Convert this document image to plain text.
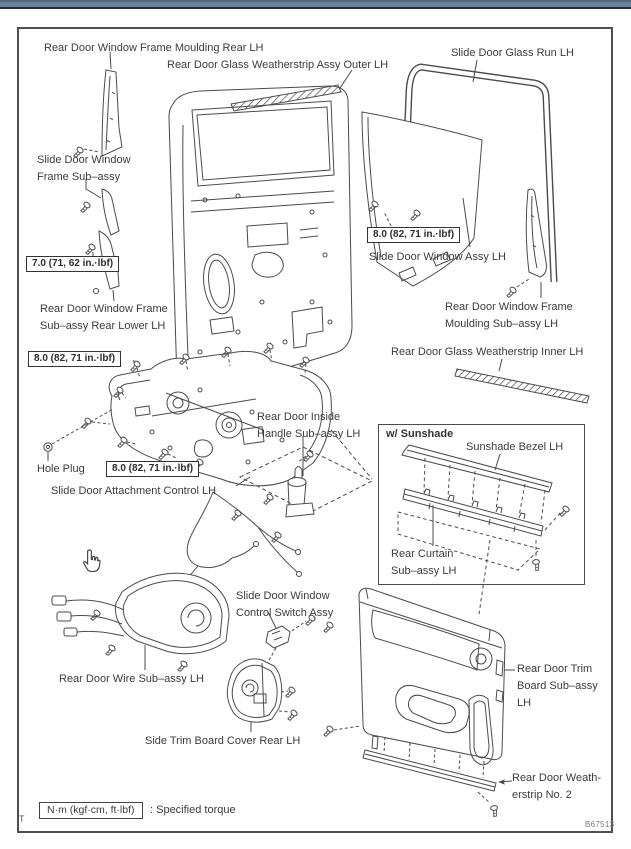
w/ Sunshade
Rear Door Window Frame Moulding Rear LH
Rear Door Glass Weatherstrip Assy Outer LH
Slide Door Glass Run LH
Slide Door Window
Frame Sub–assy
Rear Door Window Frame
Sub–assy Rear Lower LH
Slide Door Window Assy LH
Rear Door Window Frame
Moulding Sub–assy LH
Rear Door Glass Weatherstrip Inner LH
Rear Door Inside
Handle Sub–assy LH
Hole Plug
Slide Door Attachment Control LH
Sunshade Bezel LH
Rear Curtain
Sub–assy LH
Rear Door Wire Sub–assy LH
Slide Door Window
Control Switch Assy
Side Trim Board Cover Rear LH
Rear Door Trim
Board Sub–assy
LH
Rear Door Weath-
erstrip No. 2
7.0 (71, 62 in.·lbf)
8.0 (82, 71 in.·lbf)
8.0 (82, 71 in.·lbf)
8.0 (82, 71 in.·lbf)
N·m (kgf·cm, ft·lbf)	: Specified torque
T
B67513
